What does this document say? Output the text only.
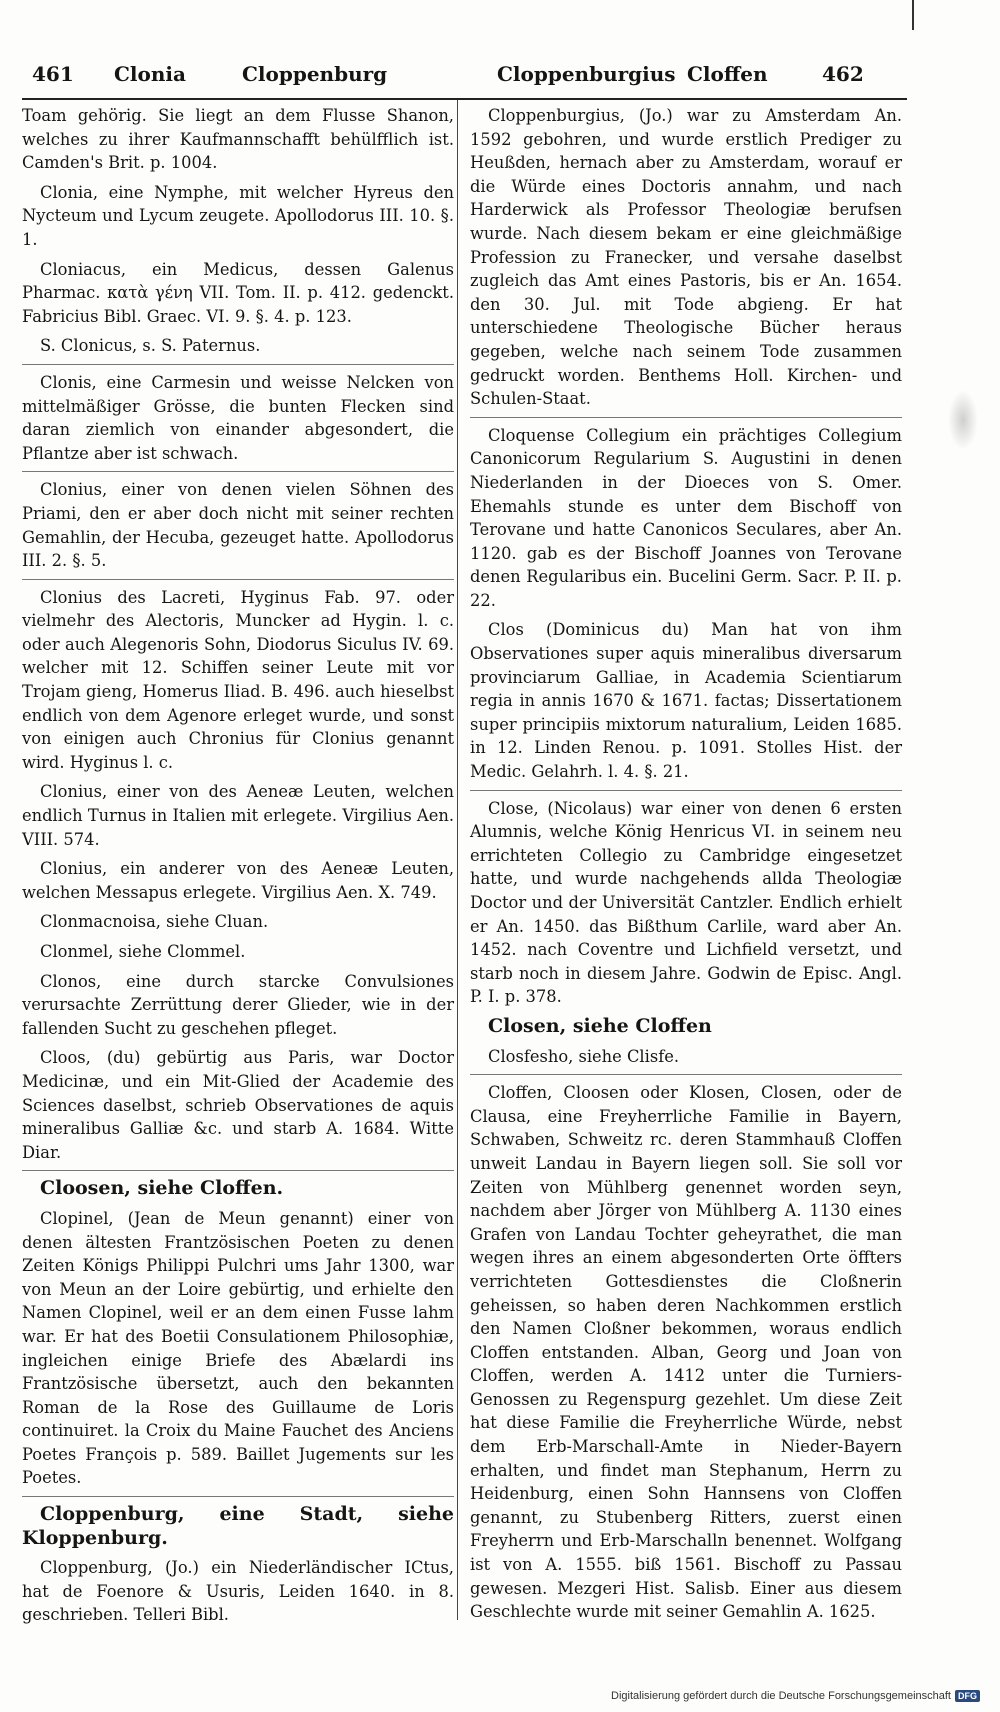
461 Clonia	Cloppenburg	Cloppenburgius Cloffen	462

Toam gehörig. Sie liegt an dem Flusse Shanon, welches zu ihrer Kaufmannschafft behülfflich ist. Camden's Brit. p. 1004.

Clonia, eine Nymphe, mit welcher Hyreus den Nycteum und Lycum zeugete. Apollodorus III. 10. §. 1.

Cloniacus, ein Medicus, dessen Galenus Pharmac. κατὰ γένη VII. Tom. II. p. 412. gedenckt. Fabricius Bibl. Graec. VI. 9. §. 4. p. 123.

S. Clonicus, s. S. Paternus.

Clonis, eine Carmesin und weisse Nelcken von mittelmäßiger Grösse, die bunten Flecken sind daran ziemlich von einander abgesondert, die Pflantze aber ist schwach.

Clonius, einer von denen vielen Söhnen des Priami, den er aber doch nicht mit seiner rechten Gemahlin, der Hecuba, gezeuget hatte. Apollodorus III. 2. §. 5.

Clonius des Lacreti, Hyginus Fab. 97. oder vielmehr des Alectoris, Muncker ad Hygin. l. c. oder auch Alegenoris Sohn, Diodorus Siculus IV. 69. welcher mit 12. Schiffen seiner Leute mit vor Trojam gieng, Homerus Iliad. B. 496. auch hieselbst endlich von dem Agenore erleget wurde, und sonst von einigen auch Chronius für Clonius genannt wird. Hyginus l. c.

Clonius, einer von des Aeneæ Leuten, welchen endlich Turnus in Italien mit erlegete. Virgilius Aen. VIII. 574.

Clonius, ein anderer von des Aeneæ Leuten, welchen Messapus erlegete. Virgilius Aen. X. 749.

Clonmacnoisa, siehe Cluan.

Clonmel, siehe Clommel.

Clonos, eine durch starcke Convulsiones verursachte Zerrüttung derer Glieder, wie in der fallenden Sucht zu geschehen pfleget.

Cloos, (du) gebürtig aus Paris, war Doctor Medicinæ, und ein Mit-Glied der Academie des Sciences daselbst, schrieb Observationes de aquis mineralibus Galliæ &c. und starb A. 1684. Witte Diar.

Cloosen, siehe Cloffen.

Clopinel, (Jean de Meun genannt) einer von denen ältesten Frantzösischen Poeten zu denen Zeiten Königs Philippi Pulchri ums Jahr 1300, war von Meun an der Loire gebürtig, und erhielte den Namen Clopinel, weil er an dem einen Fusse lahm war. Er hat des Boetii Consulationem Philosophiæ, ingleichen einige Briefe des Abælardi ins Frantzösische übersetzt, auch den bekannten Roman de la Rose des Guillaume de Loris continuiret. la Croix du Maine Fauchet des Anciens Poetes François p. 589. Baillet Jugements sur les Poetes.

Cloppenburg, eine Stadt, siehe Kloppenburg.

Cloppenburg, (Jo.) ein Niederländischer ICtus, hat de Foenore & Usuris, Leiden 1640. in 8. geschrieben. Telleri Bibl.

Cloppenburgius, (Jo.) war zu Amsterdam An. 1592 gebohren, und wurde erstlich Prediger zu Heußden, hernach aber zu Amsterdam, worauf er die Würde eines Doctoris annahm, und nach Harderwick als Professor Theologiæ berufsen wurde. Nach diesem bekam er eine gleichmäßige Profession zu Franecker, und versahe daselbst zugleich das Amt eines Pastoris, bis er An. 1654. den 30. Jul. mit Tode abgieng. Er hat unterschiedene Theologische Bücher heraus gegeben, welche nach seinem Tode zusammen gedruckt worden. Benthems Holl. Kirchen- und Schulen-Staat.

Cloquense Collegium ein prächtiges Collegium Canonicorum Regularium S. Augustini in denen Niederlanden in der Dioeces von S. Omer. Ehemahls stunde es unter dem Bischoff von Terovane und hatte Canonicos Seculares, aber An. 1120. gab es der Bischoff Joannes von Terovane denen Regularibus ein. Bucelini Germ. Sacr. P. II. p. 22.

Clos (Dominicus du) Man hat von ihm Observationes super aquis mineralibus diversarum provinciarum Galliae, in Academia Scientiarum regia in annis 1670 & 1671. factas; Dissertationem super principiis mixtorum naturalium, Leiden 1685. in 12. Linden Renou. p. 1091. Stolles Hist. der Medic. Gelahrh. l. 4. §. 21.

Close, (Nicolaus) war einer von denen 6 ersten Alumnis, welche König Henricus VI. in seinem neu errichteten Collegio zu Cambridge eingesetzet hatte, und wurde nachgehends allda Theologiæ Doctor und der Universität Cantzler. Endlich erhielt er An. 1450. das Bißthum Carlile, ward aber An. 1452. nach Coventre und Lichfield versetzt, und starb noch in diesem Jahre. Godwin de Episc. Angl. P. I. p. 378.

Closen, siehe Cloffen

Closfesho, siehe Clisfe.

Cloffen, Cloosen oder Klosen, Closen, oder de Clausa, eine Freyherrliche Familie in Bayern, Schwaben, Schweitz rc. deren Stammhauß Cloffen unweit Landau in Bayern liegen soll. Sie soll vor Zeiten von Mühlberg genennet worden seyn, nachdem aber Jörger von Mühlberg A. 1130 eines Grafen von Landau Tochter geheyrathet, die man wegen ihres an einem abgesonderten Orte öffters verrichteten Gottesdienstes die Cloßnerin geheissen, so haben deren Nachkommen erstlich den Namen Cloßner bekommen, woraus endlich Cloffen entstanden. Alban, Georg und Joan von Cloffen, werden A. 1412 unter die Turniers-Genossen zu Regenspurg gezehlet. Um diese Zeit hat diese Familie die Freyherrliche Würde, nebst dem Erb-Marschall-Amte in Nieder-Bayern erhalten, und findet man Stephanum, Herrn zu Heidenburg, einen Sohn Hannsens von Cloffen genannt, zu Stubenberg Ritters, zuerst einen Freyherrn und Erb-Marschalln benennet. Wolfgang ist von A. 1555. biß 1561. Bischoff zu Passau gewesen. Mezgeri Hist. Salisb. Einer aus diesem Geschlechte wurde mit seiner Gemahlin A. 1625.

Digitalisierung gefördert durch die Deutsche Forschungsgemeinschaft DFG
